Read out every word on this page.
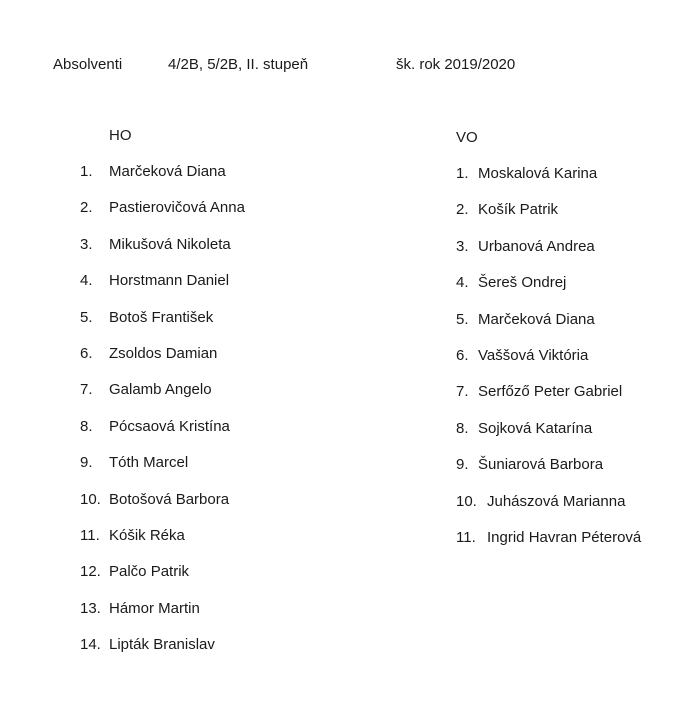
Absolventi	4/2B, 5/2B, II. stupeň	šk. rok 2019/2020
HO
1.	Marčeková Diana
2.	Pastierovičová Anna
3.	Mikušová Nikoleta
4.	Horstmann Daniel
5.	Botoš František
6.	Zsoldos Damian
7.	Galamb Angelo
8.	Pócsaová Kristína
9.	Tóth Marcel
10. Botošová Barbora
11. Kóšik Réka
12. Palčo Patrik
13. Hámor Martin
14. Lipták Branislav
VO
1. Moskalová Karina
2. Košík Patrik
3. Urbanová Andrea
4. Šereš Ondrej
5. Marčeková Diana
6. Vaššová Viktória
7. Serfőző Peter Gabriel
8. Sojková Katarína
9. Šuniarová Barbora
10. Juhászová Marianna
11. Ingrid Havran Péterová
